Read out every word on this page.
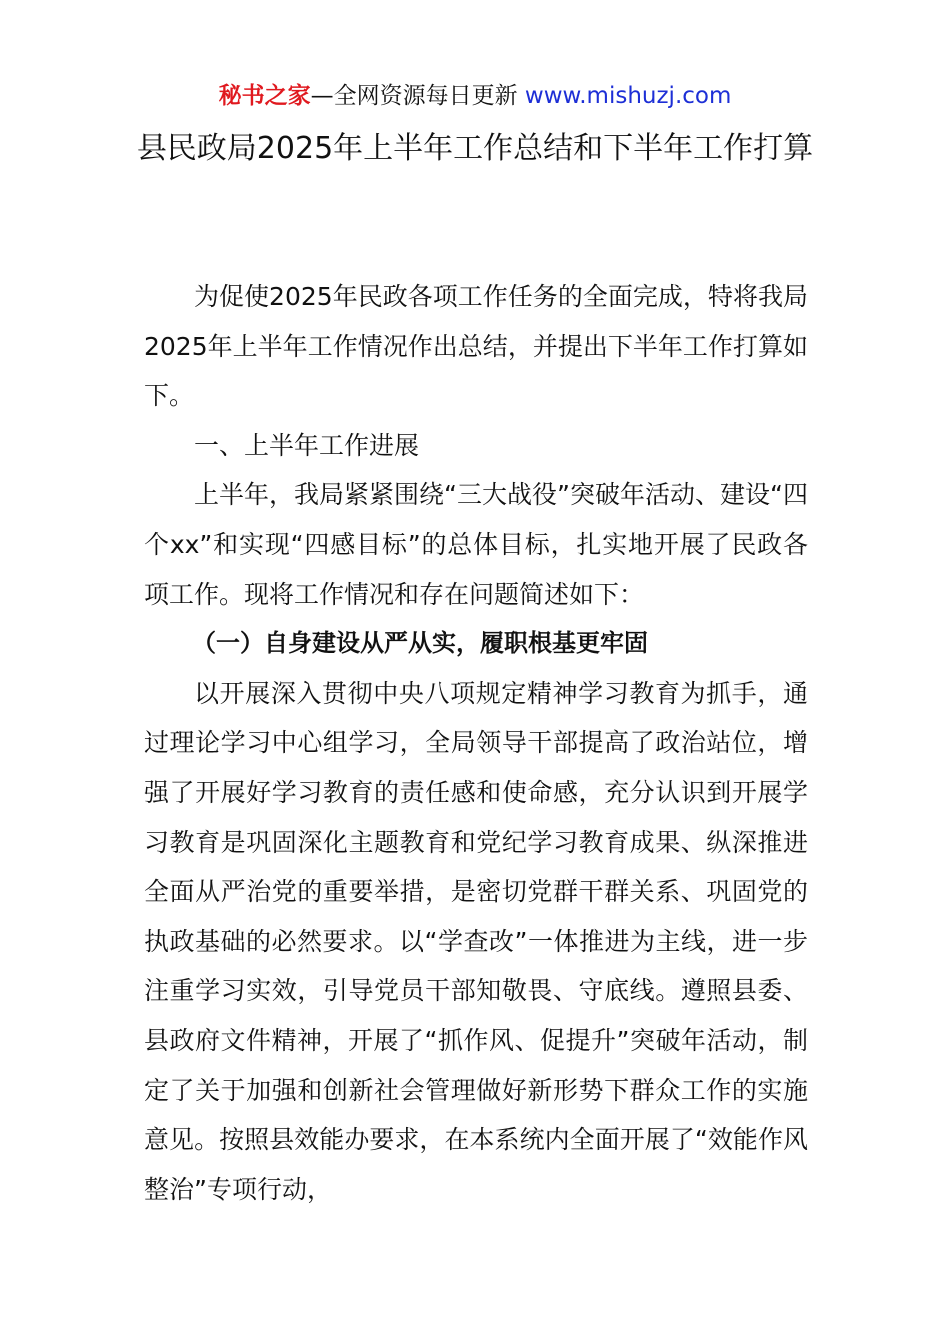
秘书之家—全网资源每日更新 www.mishuzj.com
县民政局2025年上半年工作总结和下半年工作打算

为促使2025年民政各项工作任务的全面完成，特将我局2025年上半年工作情况作出总结，并提出下半年工作打算如下。

一、上半年工作进展

上半年，我局紧紧围绕“三大战役”突破年活动、建设“四个xx”和实现“四感目标”的总体目标，扎实地开展了民政各项工作。现将工作情况和存在问题简述如下：

（一）自身建设从严从实，履职根基更牢固

以开展深入贯彻中央八项规定精神学习教育为抓手，通过理论学习中心组学习，全局领导干部提高了政治站位，增强了开展好学习教育的责任感和使命感，充分认识到开展学习教育是巩固深化主题教育和党纪学习教育成果、纵深推进全面从严治党的重要举措，是密切党群干群关系、巩固党的执政基础的必然要求。以“学查改”一体推进为主线，进一步注重学习实效，引导党员干部知敬畏、守底线。遵照县委、县政府文件精神，开展了“抓作风、促提升”突破年活动，制定了关于加强和创新社会管理做好新形势下群众工作的实施意见。按照县效能办要求，在本系统内全面开展了“效能作风整治”专项行动，
